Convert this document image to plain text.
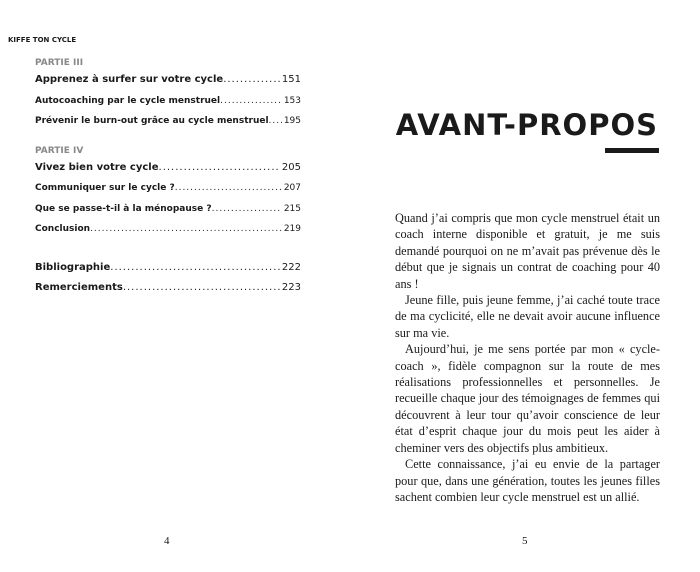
KIFFE TON CYCLE
PARTIE III
Apprenez à surfer sur votre cycle .....	151
Autocoaching par le cycle menstruel .....	153
Prévenir le burn-out grâce au cycle menstruel ..... 195
PARTIE IV
Vivez bien votre cycle .....	205
Communiquer sur le cycle ? .....	207
Que se passe-t-il à la ménopause ? .....	215
Conclusion .....	219
Bibliographie .....	222
Remerciements .....	223
4
AVANT-PROPOS

Quand j’ai compris que mon cycle menstruel était un coach interne disponible et gratuit, je me suis demandé pourquoi on ne m’avait pas prévenue dès le début que je signais un contrat de coaching pour 40 ans !

Jeune fille, puis jeune femme, j’ai caché toute trace de ma cyclicité, elle ne devait avoir aucune influence sur ma vie.

Aujourd’hui, je me sens portée par mon « cycle-coach », fidèle compagnon sur la route de mes réalisations professionnelles et personnelles. Je recueille chaque jour des témoignages de femmes qui découvrent à leur tour qu’avoir conscience de leur état d’esprit chaque jour du mois peut les aider à cheminer vers des objectifs plus ambitieux.

Cette connaissance, j’ai eu envie de la partager pour que, dans une génération, toutes les jeunes filles sachent combien leur cycle menstruel est un allié.

5
